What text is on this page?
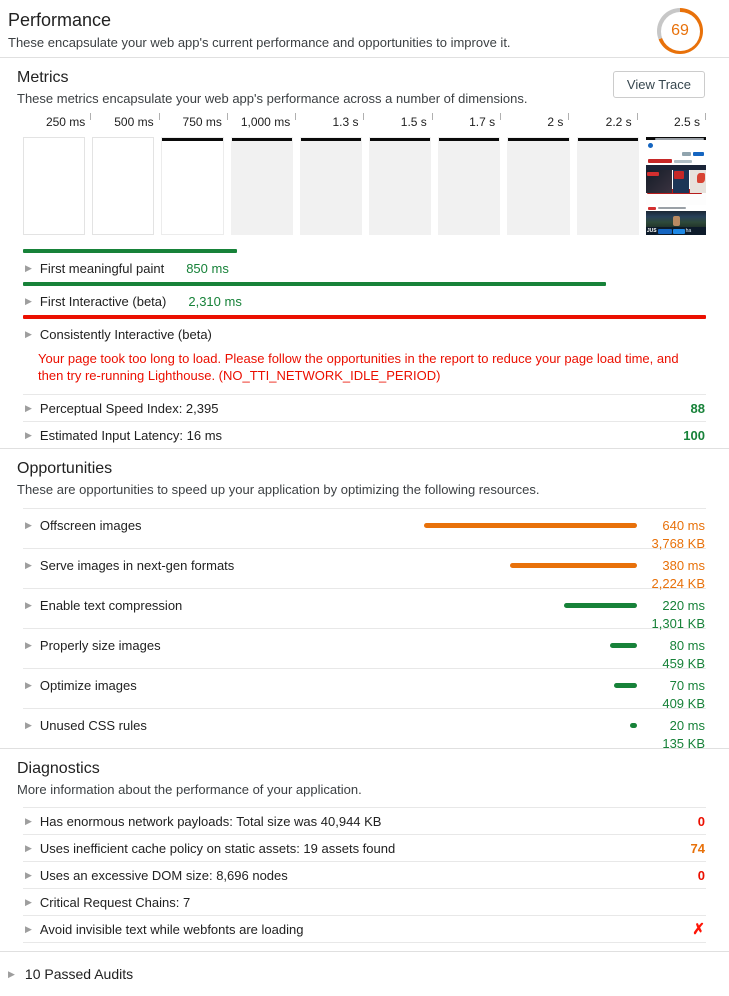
Performance
These encapsulate your web app's current performance and opportunities to improve it.
69
Metrics
These metrics encapsulate your web app's performance across a number of dimensions.
View Trace
250 ms	500 ms	750 ms	1,000 ms	1.3 s	1.5 s	1.7 s	2 s	2.2 s	2.5 s
JUS	ha
▶ First meaningful paint 850 ms
▶ First Interactive (beta) 2,310 ms
▶ Consistently Interactive (beta)
Your page took too long to load. Please follow the opportunities in the report to reduce your page load time, and then try re-running Lighthouse. (NO_TTI_NETWORK_IDLE_PERIOD)
▶ Perceptual Speed Index: 2,395	88
▶ Estimated Input Latency: 16 ms	100
Opportunities
These are opportunities to speed up your application by optimizing the following resources.
▶ Offscreen images	640 ms
3,768 KB
▶ Serve images in next-gen formats	380 ms
2,224 KB
▶ Enable text compression	220 ms
1,301 KB
▶ Properly size images	80 ms
459 KB
▶ Optimize images	70 ms
409 KB
▶ Unused CSS rules	20 ms
135 KB
Diagnostics
More information about the performance of your application.
▶ Has enormous network payloads: Total size was 40,944 KB	0
▶ Uses inefficient cache policy on static assets: 19 assets found	74
▶ Uses an excessive DOM size: 8,696 nodes	0
▶ Critical Request Chains: 7
▶ Avoid invisible text while webfonts are loading	✗
▶ 10 Passed Audits
